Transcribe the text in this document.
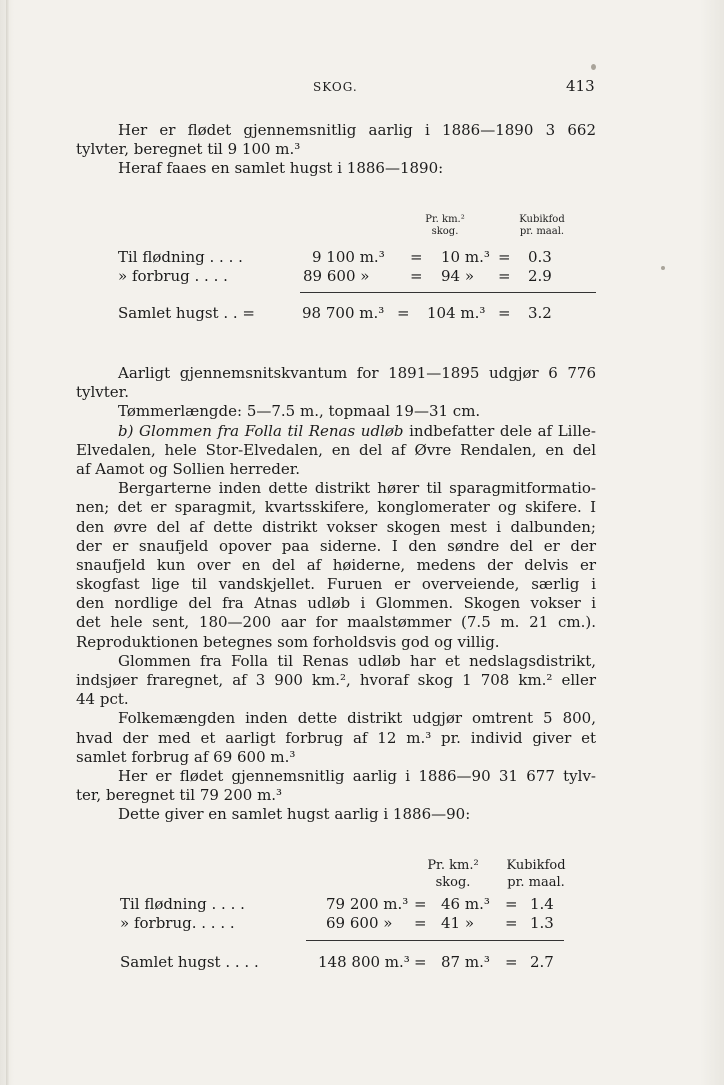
SKOG.	413
Her er flødet gjennemsnitlig aarlig i 1886—1890 3 662
tylvter, beregnet til 9 100 m.³
Heraf faaes en samlet hugst i 1886—1890:
Pr. km.²
skog.
Kubikfod
pr. maal.
Til flødning . . . .	9 100 m.³ = 10 m.³ = 0.3
» forbrug . . . .	89 600 »	= 94 » = 2.9
Samlet hugst . . =	98 700 m.³ = 104 m.³ = 3.2
Aarligt gjennemsnitskvantum for 1891—1895 udgjør 6 776
tylvter.
Tømmerlængde: 5—7.5 m., topmaal 19—31 cm.
b) Glommen fra Folla til Renas udløb indbefatter dele af Lille-
Elvedalen, hele Stor-Elvedalen, en del af Øvre Rendalen, en del
af Aamot og Sollien herreder.
Bergarterne inden dette distrikt hører til sparagmitformatio-
nen; det er sparagmit, kvartsskifere, konglomerater og skifere. I
den øvre del af dette distrikt vokser skogen mest i dalbunden;
der er snaufjeld opover paa siderne. I den søndre del er der
snaufjeld kun over en del af høiderne, medens der delvis er
skogfast lige til vandskjellet. Furuen er overveiende, særlig i
den nordlige del fra Atnas udløb i Glommen. Skogen vokser i
det hele sent, 180—200 aar for maalstømmer (7.5 m. 21 cm.).
Reproduktionen betegnes som forholdsvis god og villig.
Glommen fra Folla til Renas udløb har et nedslagsdistrikt,
indsjøer fraregnet, af 3 900 km.², hvoraf skog 1 708 km.² eller
44 pct.
Folkemængden inden dette distrikt udgjør omtrent 5 800,
hvad der med et aarligt forbrug af 12 m.³ pr. individ giver et
samlet forbrug af 69 600 m.³
Her er flødet gjennemsnitlig aarlig i 1886—90 31 677 tylv-
ter, beregnet til 79 200 m.³
Dette giver en samlet hugst aarlig i 1886—90:
Pr. km.²
skog.
Kubikfod
pr. maal.
Til flødning . . . .	79 200 m.³ = 46 m.³ = 1.4
» forbrug. . . . .	69 600 » = 41 » = 1.3
Samlet hugst . . . .	148 800 m.³ = 87 m.³ = 2.7
